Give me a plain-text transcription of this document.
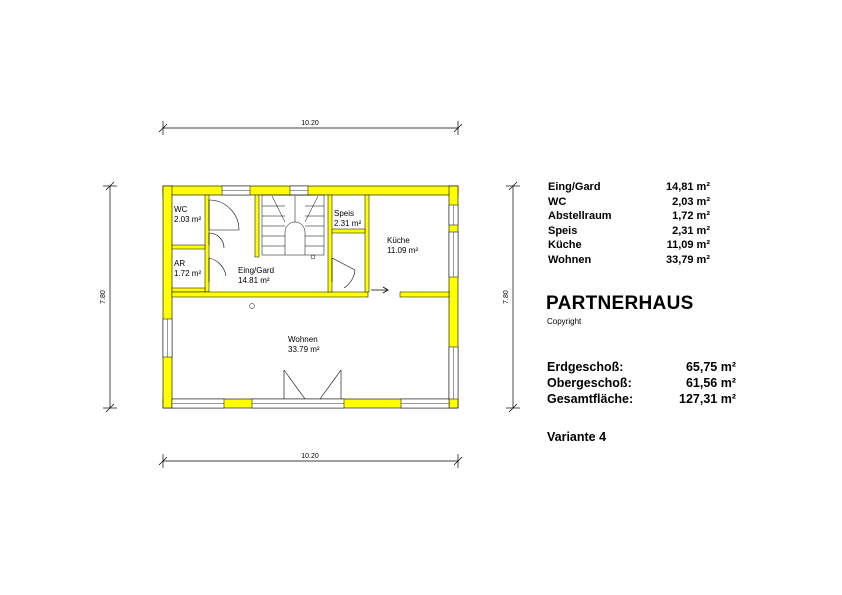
10.20
10.20
7.80	7.80
WC
2.03 m²
AR
1.72 m²	Eing/Gard
14.81 m²
Speis
2.31 m²
Küche
11.09 m²
Wohnen
33.79 m²
Eing/Gard	14,81 m²
WC	2,03 m²
Abstellraum	1,72 m²
Speis	2,31 m²
Küche	11,09 m²
Wohnen	33,79 m²
PARTNERHAUS
Copyright
Erdgeschoß:	65,75 m²
Obergeschoß:	61,56 m²
Gesamtfläche:	127,31 m²
Variante 4
